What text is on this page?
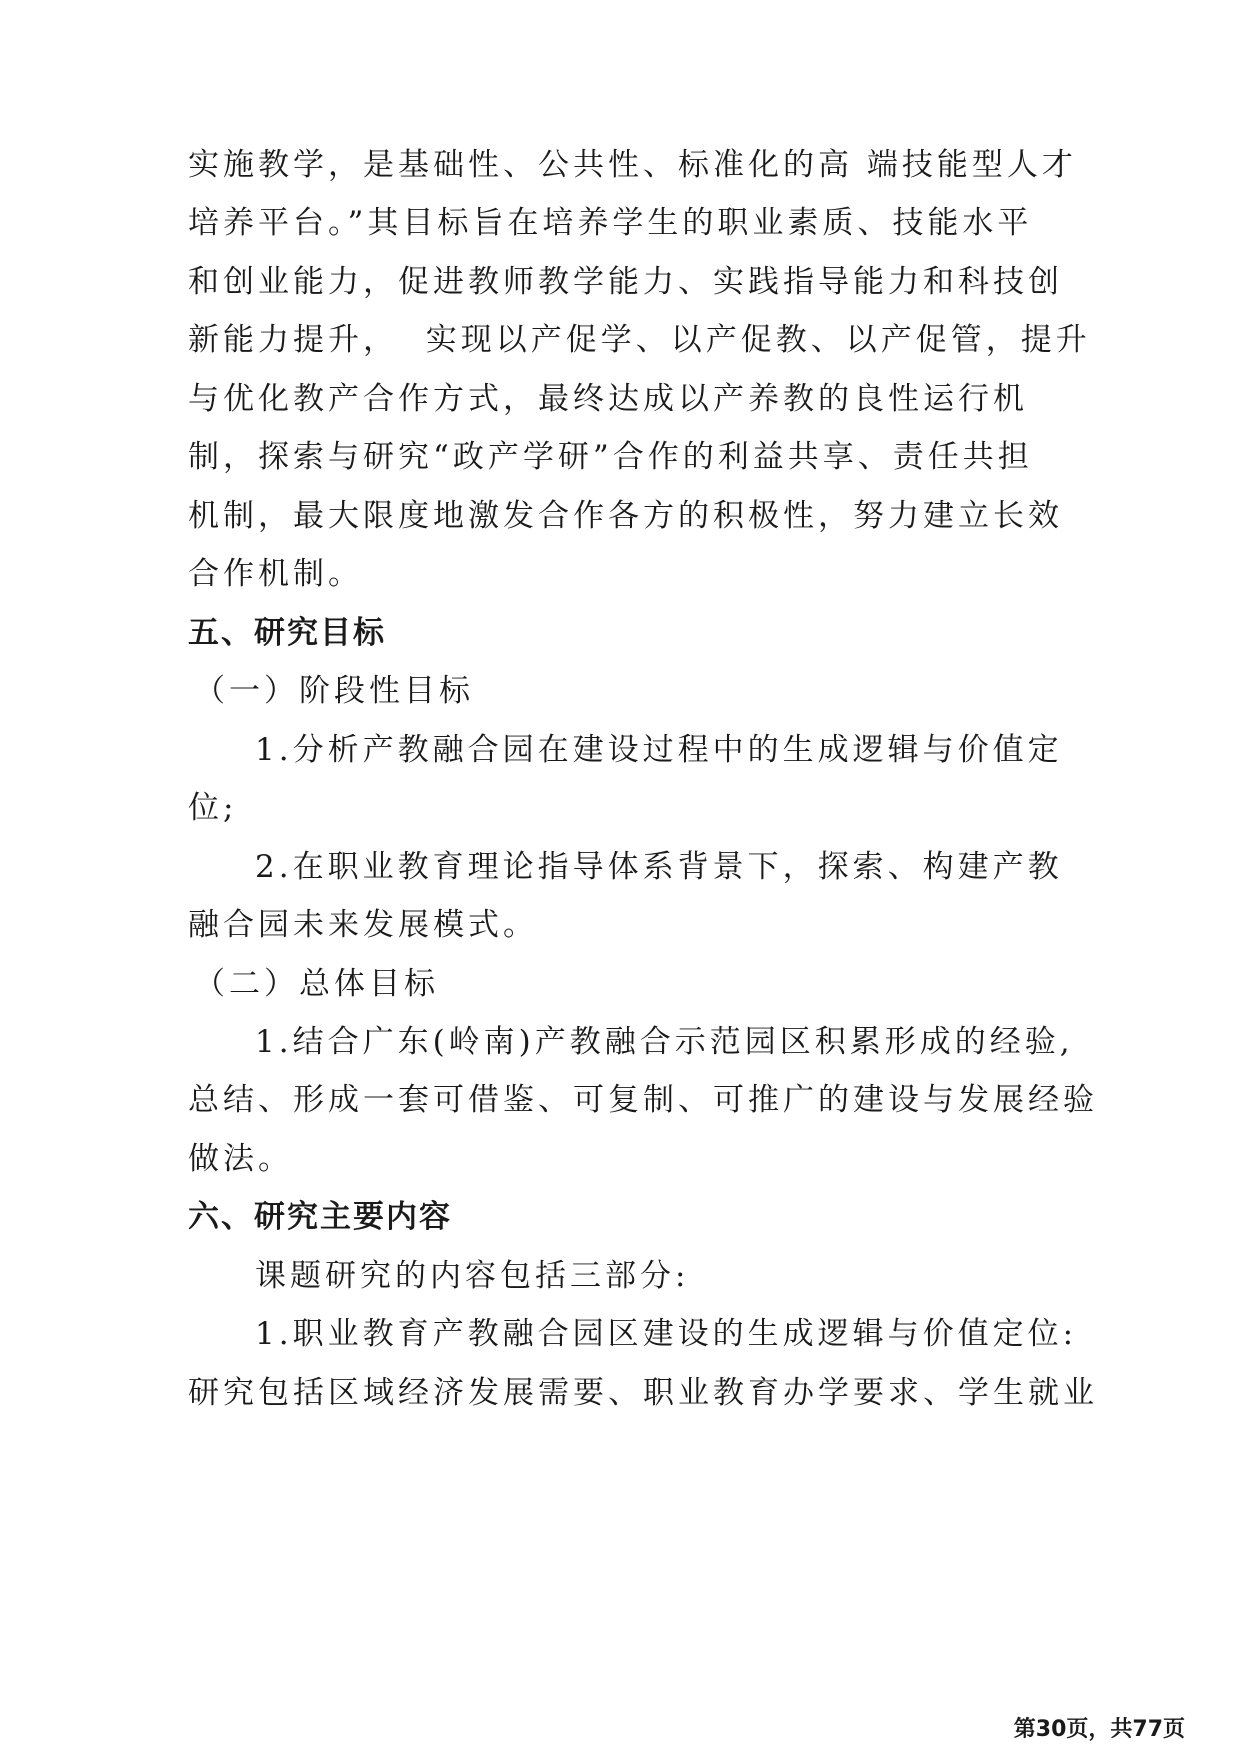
实施教学，是基础性、公共性、标准化的高 端技能型人才
培养平台。”其目标旨在培养学生的职业素质、技能水平
和创业能力，促进教师教学能力、实践指导能力和科技创
新能力提升，  实现以产促学、以产促教、以产促管，提升
与优化教产合作方式，最终达成以产养教的良性运行机
制，探索与研究“政产学研”合作的利益共享、责任共担
机制，最大限度地激发合作各方的积极性，努力建立长效
合作机制。
五、研究目标
（一）阶段性目标
1.分析产教融合园在建设过程中的生成逻辑与价值定
位;
2.在职业教育理论指导体系背景下，探索、构建产教
融合园未来发展模式。
（二）总体目标
1.结合广东(岭南)产教融合示范园区积累形成的经验,
总结、形成一套可借鉴、可复制、可推广的建设与发展经验
做法。
六、研究主要内容
课题研究的内容包括三部分:
1.职业教育产教融合园区建设的生成逻辑与价值定位:
研究包括区域经济发展需要、职业教育办学要求、学生就业
第30页，共77页
